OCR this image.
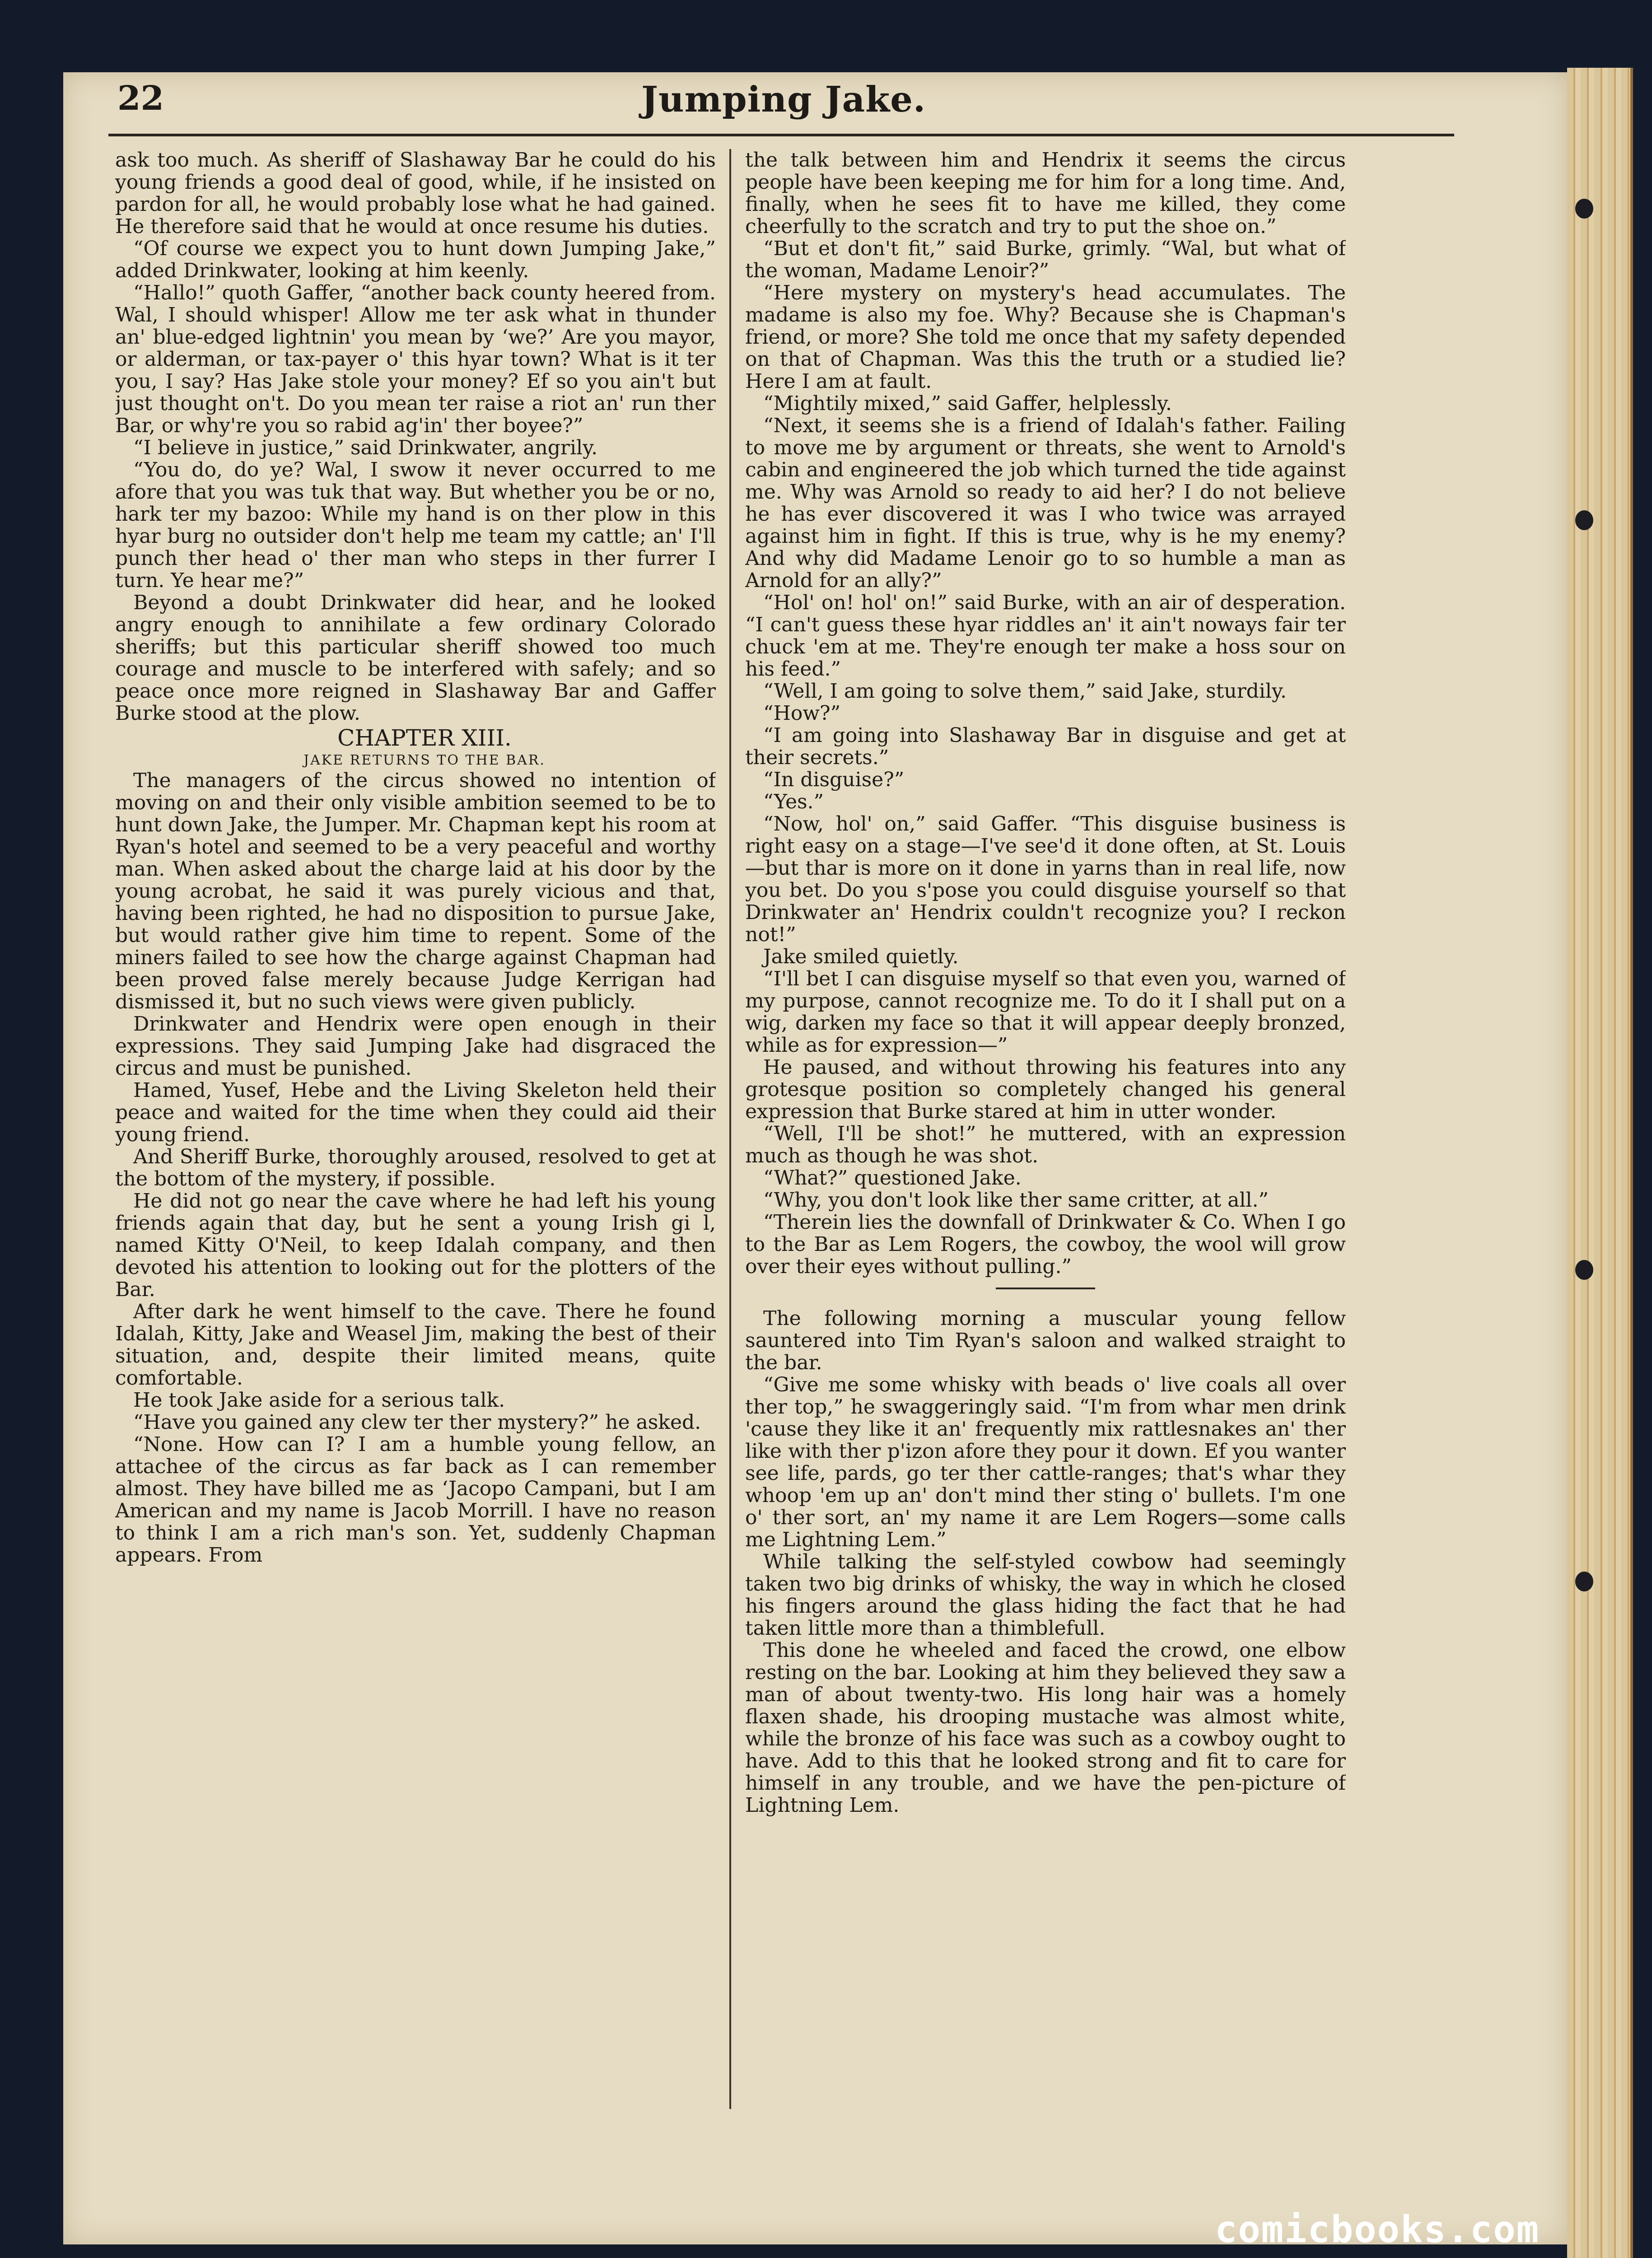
22	Jumping Jake.

ask too much. As sheriff of Slashaway Bar he could do his young friends a good deal of good, while, if he insisted on pardon for all, he would probably lose what he had gained. He therefore said that he would at once resume his duties.

“Of course we expect you to hunt down Jumping Jake,” added Drinkwater, looking at him keenly.

“Hallo!” quoth Gaffer, “another back county heered from. Wal, I should whisper! Allow me ter ask what in thunder an' blue-edged lightnin' you mean by ‘we?’ Are you mayor, or alderman, or tax-payer o' this hyar town? What is it ter you, I say? Has Jake stole your money? Ef so you ain't but just thought on't. Do you mean ter raise a riot an' run ther Bar, or why're you so rabid ag'in' ther boyee?”

“I believe in justice,” said Drinkwater, angrily.

“You do, do ye? Wal, I swow it never occurred to me afore that you was tuk that way. But whether you be or no, hark ter my bazoo: While my hand is on ther plow in this hyar burg no outsider don't help me team my cattle; an' I'll punch ther head o' ther man who steps in ther furrer I turn. Ye hear me?”

Beyond a doubt Drinkwater did hear, and he looked angry enough to annihilate a few ordinary Colorado sheriffs; but this particular sheriff showed too much courage and muscle to be interfered with safely; and so peace once more reigned in Slashaway Bar and Gaffer Burke stood at the plow.

CHAPTER XIII.

JAKE RETURNS TO THE BAR.

The managers of the circus showed no intention of moving on and their only visible ambition seemed to be to hunt down Jake, the Jumper. Mr. Chapman kept his room at Ryan's hotel and seemed to be a very peaceful and worthy man. When asked about the charge laid at his door by the young acrobat, he said it was purely vicious and that, having been righted, he had no disposition to pursue Jake, but would rather give him time to repent. Some of the miners failed to see how the charge against Chapman had been proved false merely because Judge Kerrigan had dismissed it, but no such views were given publicly.

Drinkwater and Hendrix were open enough in their expressions. They said Jumping Jake had disgraced the circus and must be punished.

Hamed, Yusef, Hebe and the Living Skeleton held their peace and waited for the time when they could aid their young friend.

And Sheriff Burke, thoroughly aroused, resolved to get at the bottom of the mystery, if possible.

He did not go near the cave where he had left his young friends again that day, but he sent a young Irish gi l, named Kitty O'Neil, to keep Idalah company, and then devoted his attention to looking out for the plotters of the Bar.

After dark he went himself to the cave. There he found Idalah, Kitty, Jake and Weasel Jim, making the best of their situation, and, despite their limited means, quite comfortable.

He took Jake aside for a serious talk.

“Have you gained any clew ter ther mystery?” he asked.

“None. How can I? I am a humble young fellow, an attachee of the circus as far back as I can remember almost. They have billed me as ‘Jacopo Campani, but I am American and my name is Jacob Morrill. I have no reason to think I am a rich man's son. Yet, suddenly Chapman appears. From

the talk between him and Hendrix it seems the circus people have been keeping me for him for a long time. And, finally, when he sees fit to have me killed, they come cheerfully to the scratch and try to put the shoe on.”

“But et don't fit,” said Burke, grimly. “Wal, but what of the woman, Madame Lenoir?”

“Here mystery on mystery's head accumulates. The madame is also my foe. Why? Because she is Chapman's friend, or more? She told me once that my safety depended on that of Chapman. Was this the truth or a studied lie? Here I am at fault.

“Mightily mixed,” said Gaffer, helplessly.

“Next, it seems she is a friend of Idalah's father. Failing to move me by argument or threats, she went to Arnold's cabin and engineered the job which turned the tide against me. Why was Arnold so ready to aid her? I do not believe he has ever discovered it was I who twice was arrayed against him in fight. If this is true, why is he my enemy? And why did Madame Lenoir go to so humble a man as Arnold for an ally?”

“Hol' on! hol' on!” said Burke, with an air of desperation. “I can't guess these hyar riddles an' it ain't noways fair ter chuck 'em at me. They're enough ter make a hoss sour on his feed.”

“Well, I am going to solve them,” said Jake, sturdily.

“How?”

“I am going into Slashaway Bar in disguise and get at their secrets.”

“In disguise?”

“Yes.”

“Now, hol' on,” said Gaffer. “This disguise business is right easy on a stage—I've see'd it done often, at St. Louis—but thar is more on it done in yarns than in real life, now you bet. Do you s'pose you could disguise yourself so that Drinkwater an' Hendrix couldn't recognize you? I reckon not!”

Jake smiled quietly.

“I'll bet I can disguise myself so that even you, warned of my purpose, cannot recognize me. To do it I shall put on a wig, darken my face so that it will appear deeply bronzed, while as for expression—”

He paused, and without throwing his features into any grotesque position so completely changed his general expression that Burke stared at him in utter wonder.

“Well, I'll be shot!” he muttered, with an expression much as though he was shot.

“What?” questioned Jake.

“Why, you don't look like ther same critter, at all.”

“Therein lies the downfall of Drinkwater & Co. When I go to the Bar as Lem Rogers, the cowboy, the wool will grow over their eyes without pulling.”

The following morning a muscular young fellow sauntered into Tim Ryan's saloon and walked straight to the bar.

“Give me some whisky with beads o' live coals all over ther top,” he swaggeringly said. “I'm from whar men drink 'cause they like it an' frequently mix rattlesnakes an' ther like with ther p'izon afore they pour it down. Ef you wanter see life, pards, go ter ther cattle-ranges; that's whar they whoop 'em up an' don't mind ther sting o' bullets. I'm one o' ther sort, an' my name it are Lem Rogers—some calls me Lightning Lem.”

While talking the self-styled cowbow had seemingly taken two big drinks of whisky, the way in which he closed his fingers around the glass hiding the fact that he had taken little more than a thimblefull.

This done he wheeled and faced the crowd, one elbow resting on the bar. Looking at him they believed they saw a man of about twenty-two. His long hair was a homely flaxen shade, his drooping mustache was almost white, while the bronze of his face was such as a cowboy ought to have. Add to this that he looked strong and fit to care for himself in any trouble, and we have the pen-picture of Lightning Lem.

comicbooks.com
